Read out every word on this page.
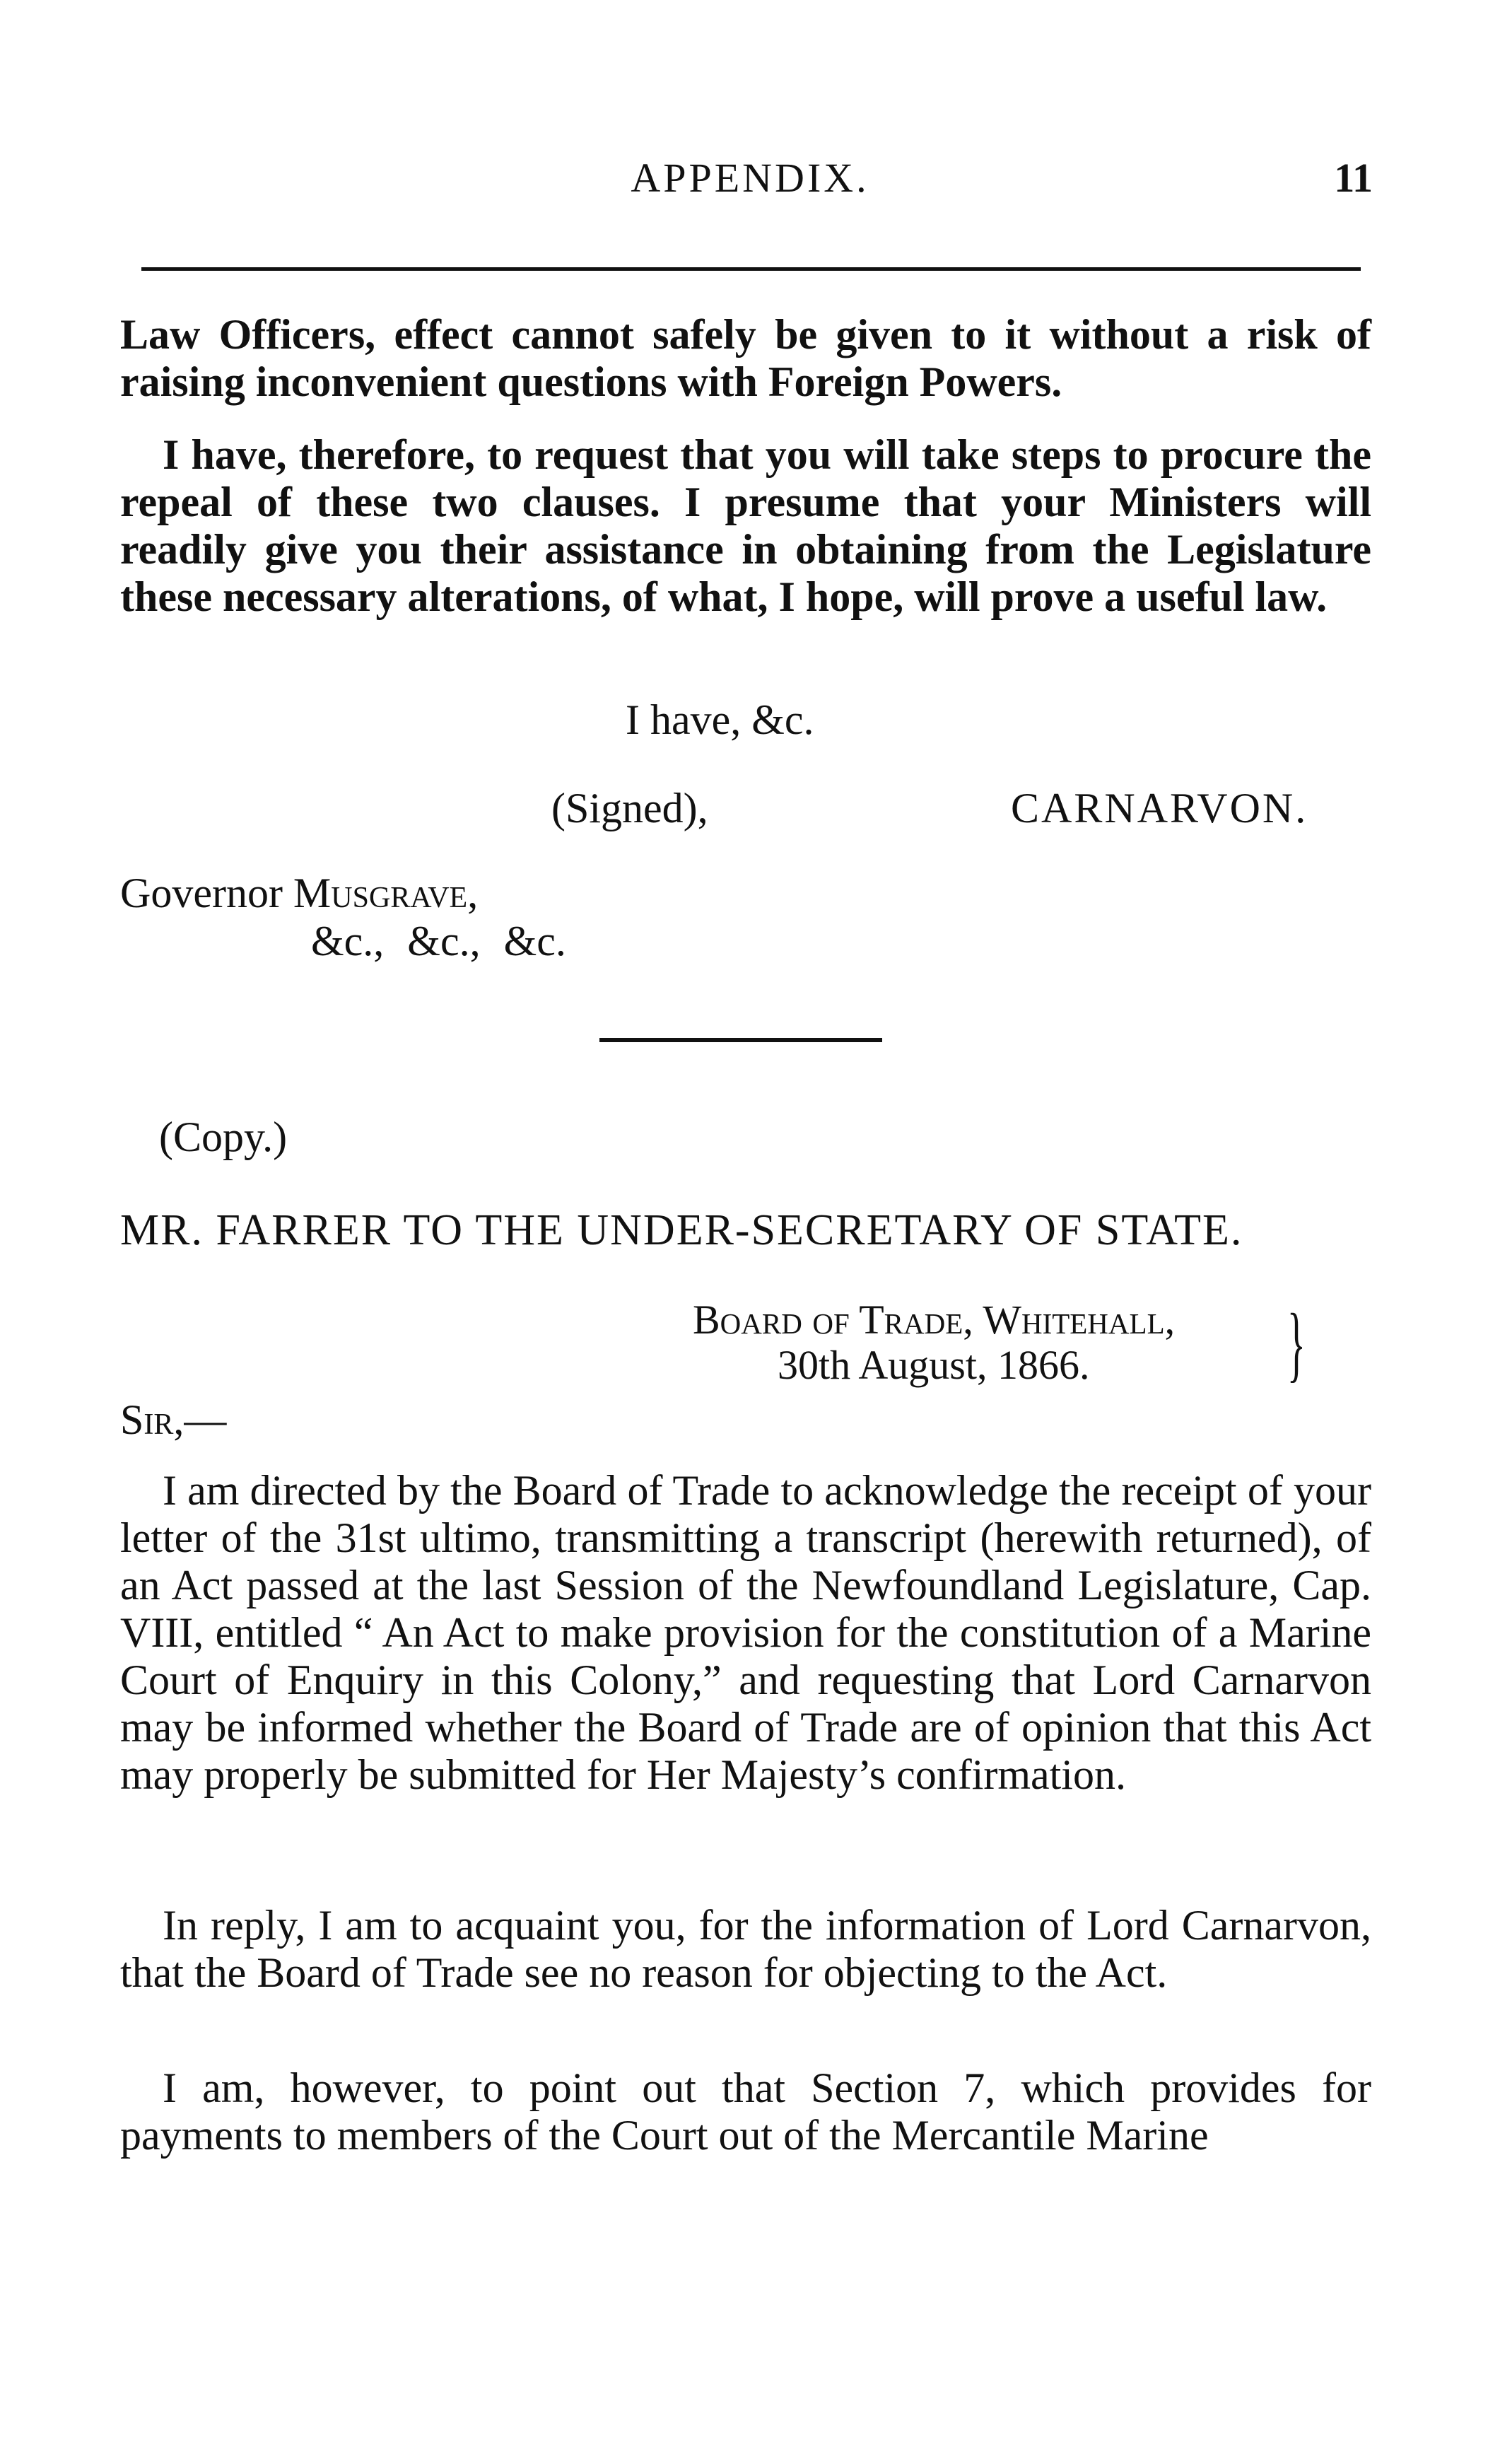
APPENDIX.	11
Law Officers, effect cannot safely be given to it without a risk of raising inconvenient questions with Foreign Powers.
I have, therefore, to request that you will take steps to procure the repeal of these two clauses. I presume that your Ministers will readily give you their assistance in obtaining from the Legislature these necessary alterations, of what, I hope, will prove a useful law.
I have, &c.
(Signed),	CARNARVON.
Governor Musgrave,
&c., &c., &c.
(Copy.)
MR. FARRER TO THE UNDER-SECRETARY OF STATE.
Board of Trade, Whitehall,
30th August, 1866.	}
Sir,—
I am directed by the Board of Trade to acknowledge the receipt of your letter of the 31st ultimo, transmitting a transcript (herewith returned), of an Act passed at the last Session of the Newfoundland Legislature, Cap. VIII, entitled “ An Act to make provision for the constitution of a Marine Court of Enquiry in this Colony,” and requesting that Lord Carnarvon may be informed whether the Board of Trade are of opinion that this Act may properly be submitted for Her Majesty’s confirmation.
In reply, I am to acquaint you, for the information of Lord Carnarvon, that the Board of Trade see no reason for objecting to the Act.
I am, however, to point out that Section 7, which provides for payments to members of the Court out of the Mercantile Marine
